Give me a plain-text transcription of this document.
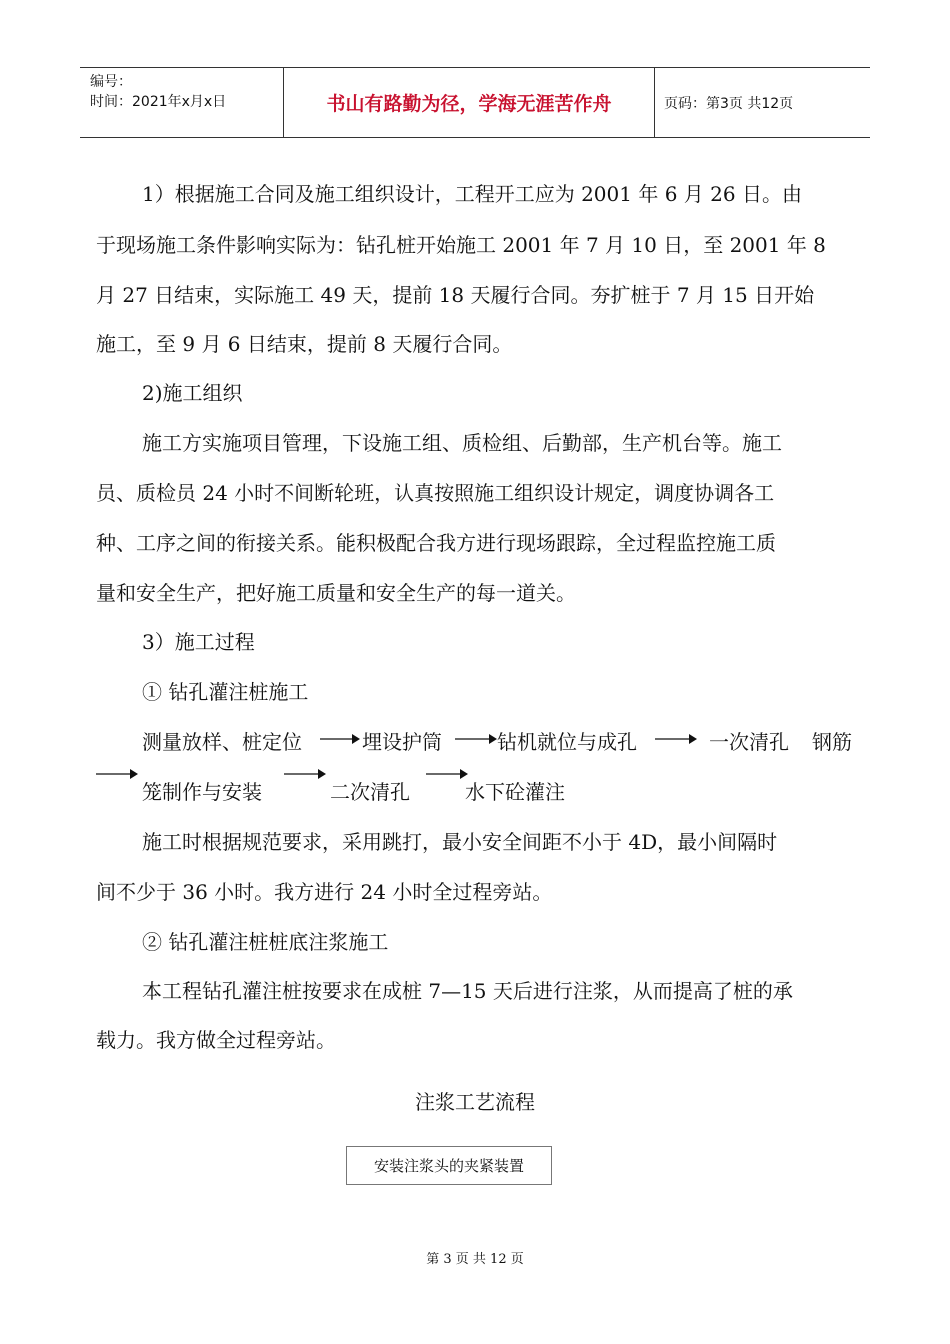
编号：
时间：2021年x月x日	书山有路勤为径，学海无涯苦作舟	页码：第3页 共12页
1）根据施工合同及施工组织设计，工程开工应为 2001 年 6 月 26 日。由
于现场施工条件影响实际为：钻孔桩开始施工 2001 年 7 月 10 日，至 2001 年 8
月 27 日结束，实际施工 49 天，提前 18 天履行合同。夯扩桩于 7 月 15 日开始
施工，至 9 月 6 日结束，提前 8 天履行合同。
2)施工组织
施工方实施项目管理，下设施工组、质检组、后勤部，生产机台等。施工
员、质检员 24 小时不间断轮班，认真按照施工组织设计规定，调度协调各工
种、工序之间的衔接关系。能积极配合我方进行现场跟踪，全过程监控施工质
量和安全生产，把好施工质量和安全生产的每一道关。
3）施工过程
① 钻孔灌注桩施工
测量放样、桩定位	埋设护筒	钻机就位与成孔	一次清孔 钢筋
笼制作与安装	二次清孔	水下砼灌注
施工时根据规范要求，采用跳打，最小安全间距不小于 4D，最小间隔时
间不少于 36 小时。我方进行 24 小时全过程旁站。
② 钻孔灌注桩桩底注浆施工
本工程钻孔灌注桩按要求在成桩 7—15 天后进行注浆，从而提高了桩的承
载力。我方做全过程旁站。
注浆工艺流程
安装注浆头的夹紧装置
第 3 页 共 12 页
